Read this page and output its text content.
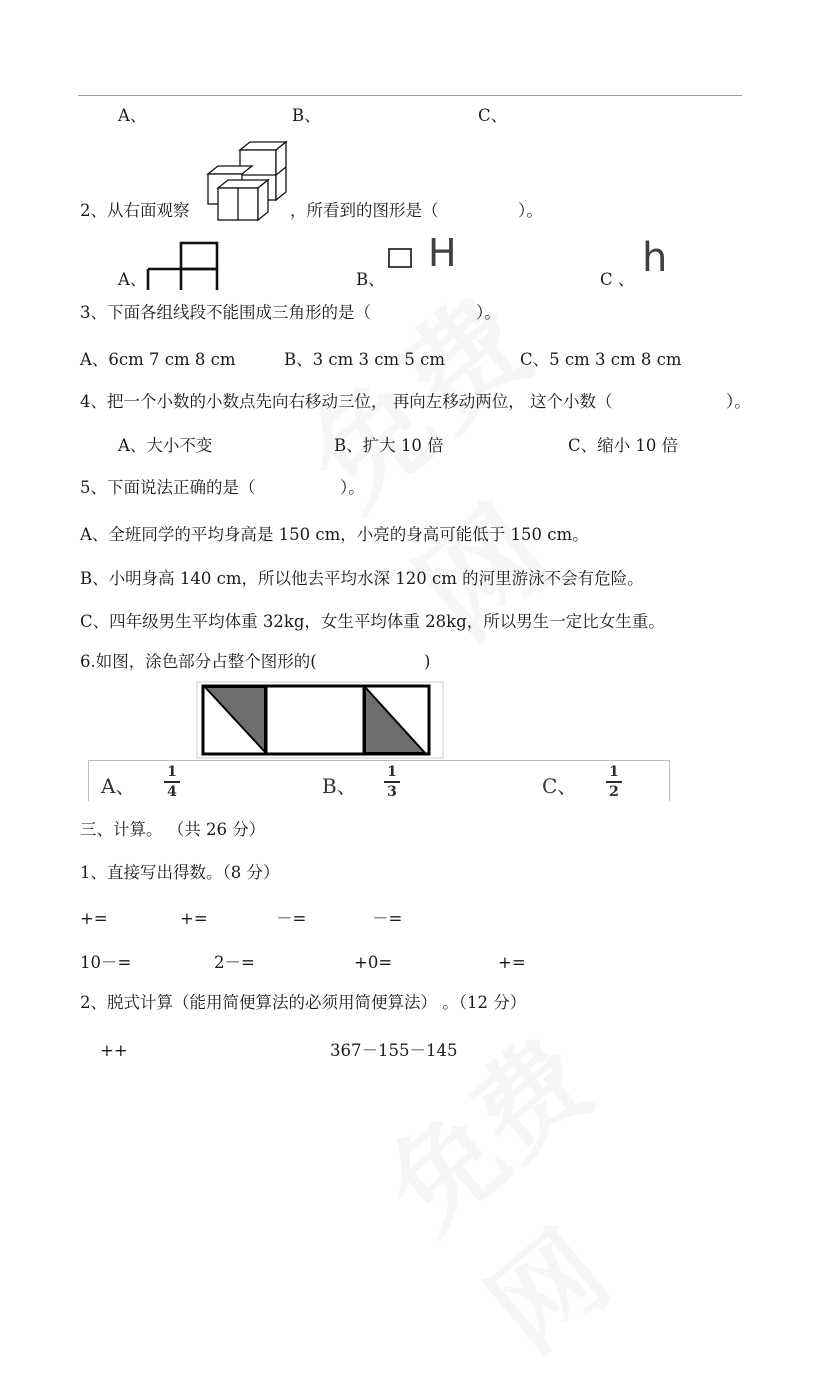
A、	B、	C、
2、从右面观察	，所看到的图形是（	）。
A、	B、
H
C 、 h
3、下面各组线段不能围成三角形的是（	）。
A、6cm 7 cm 8 cm	B、3 cm 3 cm 5 cm	C、5 cm 3 cm 8 cm
4、把一个小数的小数点先向右移动三位， 再向左移动两位， 这个小数（	）。
A、大小不变	B、扩大 10 倍	C、缩小 10 倍
5、下面说法正确的是（	）。
A、全班同学的平均身高是 150 cm，小亮的身高可能低于 150 cm。
B、小明身高 140 cm，所以他去平均水深 120 cm 的河里游泳不会有危险。
C、四年级男生平均体重 32kg，女生平均体重 28kg，所以男生一定比女生重。
6.如图，涂色部分占整个图形的(	)
A、
1
4	B、
1
3	C、
1
2
三、计算。 （共 26 分）
1、直接写出得数。（8 分）
+=	+=	－=	－=
10－=	2－=	+0=	+=
2、脱式计算（能用简便算法的必须用简便算法） 。（12 分）
++	367－155－145
